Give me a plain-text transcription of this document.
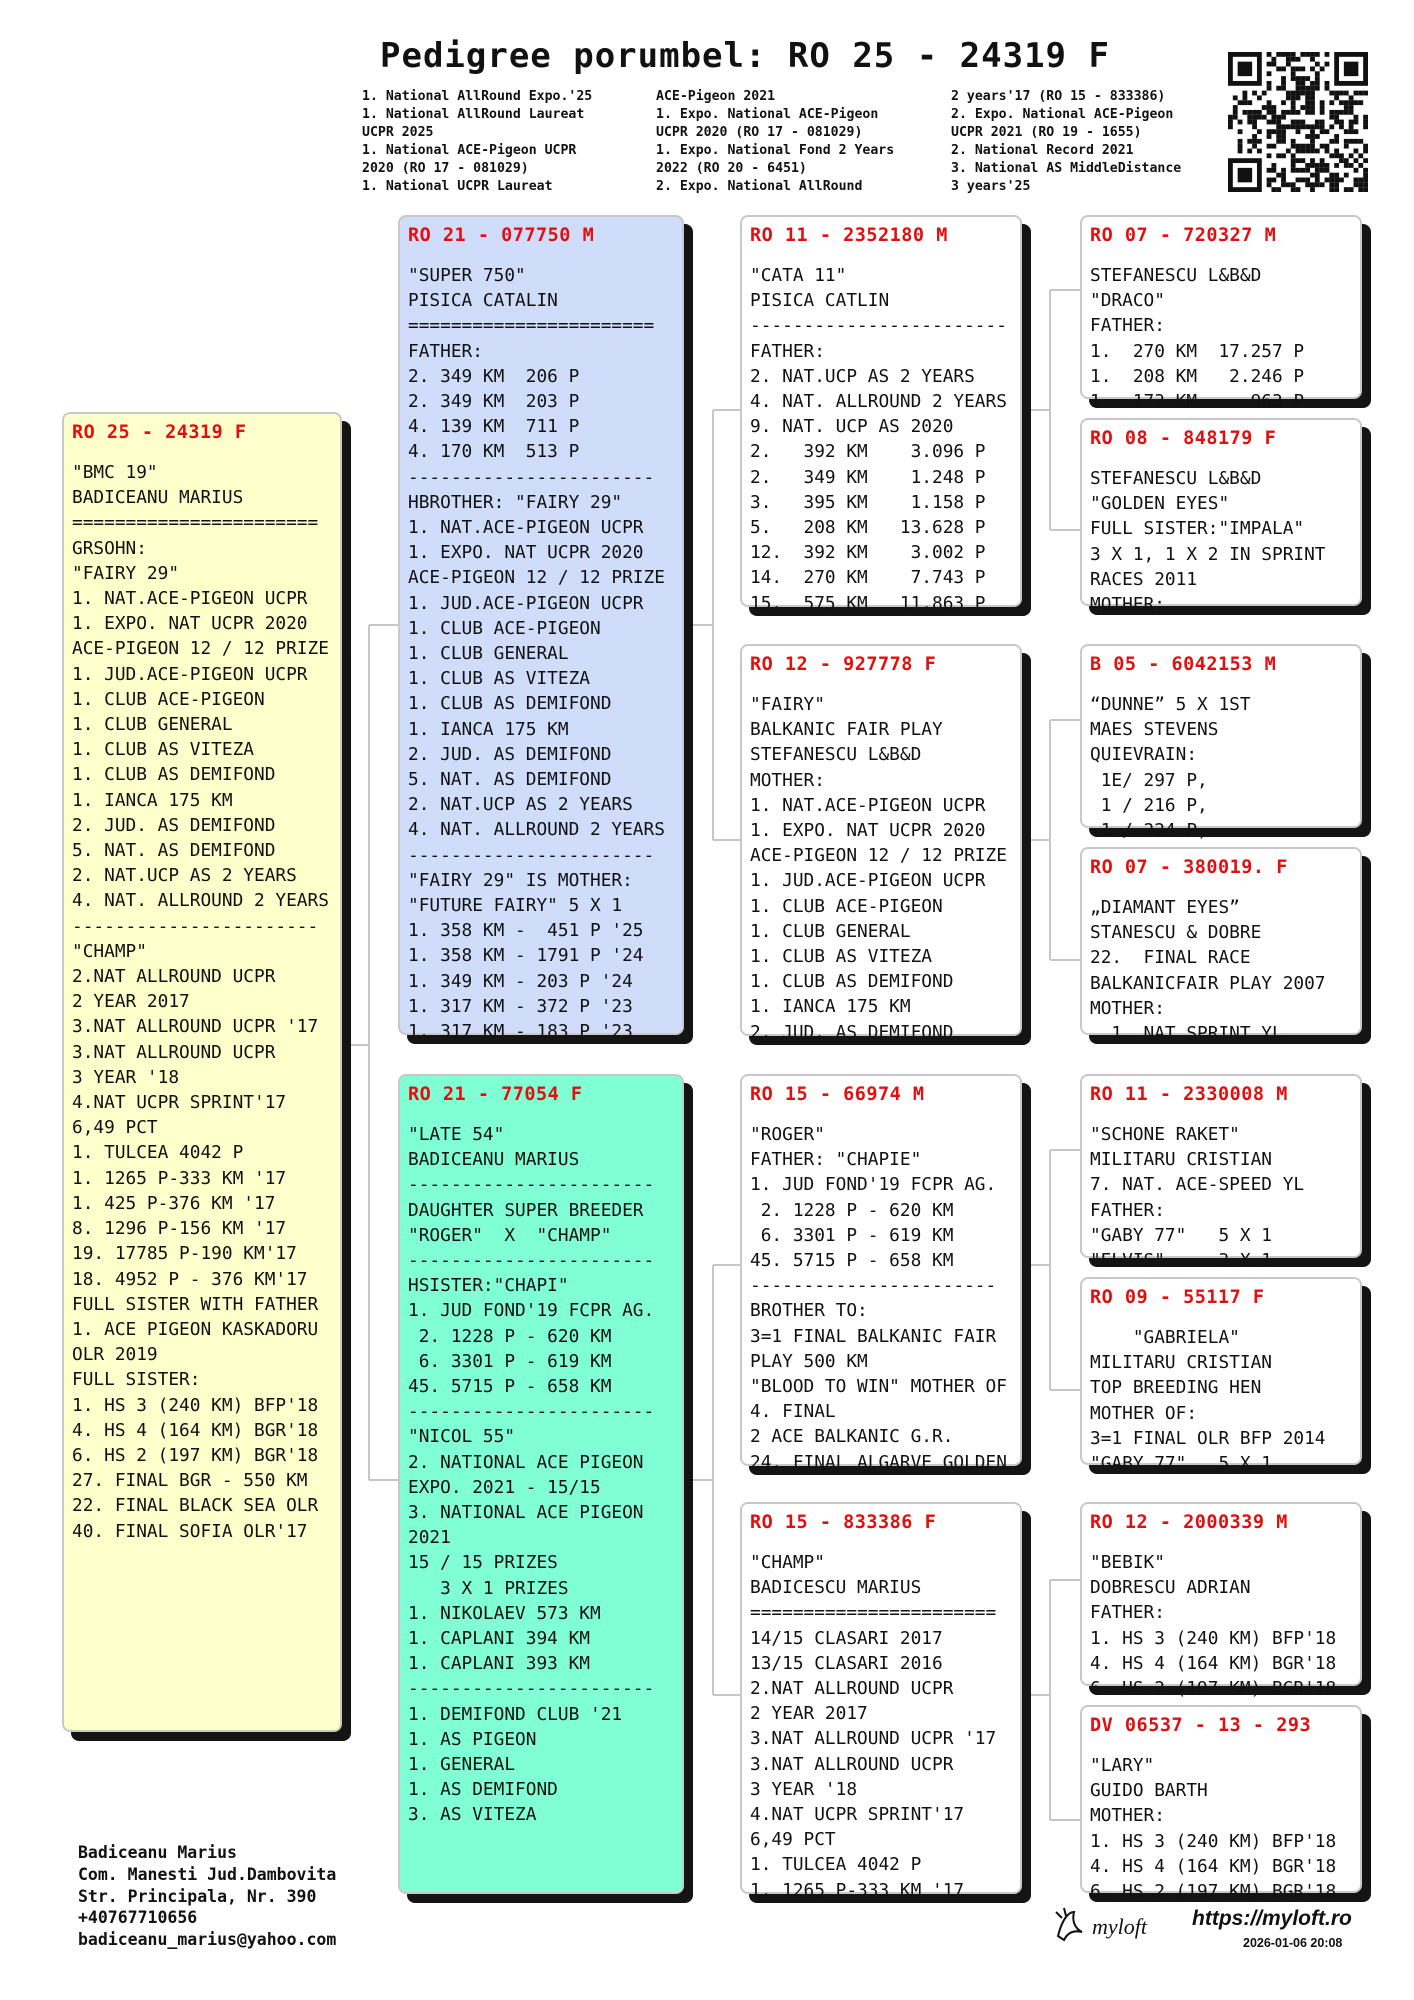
Pedigree porumbel: RO 25 - 24319 F
1. National AllRound Expo.'25
1. National AllRound Laureat
UCPR 2025
1. National ACE-Pigeon UCPR
2020 (RO 17 - 081029)
1. National UCPR Laureat
ACE-Pigeon 2021
1. Expo. National ACE-Pigeon
UCPR 2020 (RO 17 - 081029)
1. Expo. National Fond 2 Years
2022 (RO 20 - 6451)
2. Expo. National AllRound
2 years'17 (RO 15 - 833386)
2. Expo. National ACE-Pigeon
UCPR 2021 (RO 19 - 1655)
2. National Record 2021
3. National AS MiddleDistance
3 years'25
RO 25 - 24319 F
"BMC 19"
BADICEANU MARIUS
=======================
GRSOHN:
"FAIRY 29"
1. NAT.ACE-PIGEON UCPR
1. EXPO. NAT UCPR 2020
ACE-PIGEON 12 / 12 PRIZE
1. JUD.ACE-PIGEON UCPR
1. CLUB ACE-PIGEON
1. CLUB GENERAL
1. CLUB AS VITEZA
1. CLUB AS DEMIFOND
1. IANCA 175 KM
2. JUD. AS DEMIFOND
5. NAT. AS DEMIFOND
2. NAT.UCP AS 2 YEARS
4. NAT. ALLROUND 2 YEARS
-----------------------
"CHAMP"
2.NAT ALLROUND UCPR
2 YEAR 2017
3.NAT ALLROUND UCPR '17
3.NAT ALLROUND UCPR
3 YEAR '18
4.NAT UCPR SPRINT'17
6,49 PCT
1. TULCEA 4042 P
1. 1265 P-333 KM '17
1. 425 P-376 KM '17
8. 1296 P-156 KM '17
19. 17785 P-190 KM'17
18. 4952 P - 376 KM'17
FULL SISTER WITH FATHER
1. ACE PIGEON KASKADORU
OLR 2019
FULL SISTER:
1. HS 3 (240 KM) BFP'18
4. HS 4 (164 KM) BGR'18
6. HS 2 (197 KM) BGR'18
27. FINAL BGR - 550 KM
22. FINAL BLACK SEA OLR
40. FINAL SOFIA OLR'17
RO 21 - 077750 M
"SUPER 750"
PISICA CATALIN
=======================
FATHER:
2. 349 KM  206 P
2. 349 KM  203 P
4. 139 KM  711 P
4. 170 KM  513 P
-----------------------
HBROTHER: "FAIRY 29"
1. NAT.ACE-PIGEON UCPR
1. EXPO. NAT UCPR 2020
ACE-PIGEON 12 / 12 PRIZE
1. JUD.ACE-PIGEON UCPR
1. CLUB ACE-PIGEON
1. CLUB GENERAL
1. CLUB AS VITEZA
1. CLUB AS DEMIFOND
1. IANCA 175 KM
2. JUD. AS DEMIFOND
5. NAT. AS DEMIFOND
2. NAT.UCP AS 2 YEARS
4. NAT. ALLROUND 2 YEARS
-----------------------
"FAIRY 29" IS MOTHER:
"FUTURE FAIRY" 5 X 1
1. 358 KM -  451 P '25
1. 358 KM - 1791 P '24
1. 349 KM - 203 P '24
1. 317 KM - 372 P '23
1. 317 KM - 183 P '23
RO 21 - 77054 F
"LATE 54"
BADICEANU MARIUS
-----------------------
DAUGHTER SUPER BREEDER
"ROGER"  X  "CHAMP"
-----------------------
HSISTER:"CHAPI"
1. JUD FOND'19 FCPR AG.
2. 1228 P - 620 KM
6. 3301 P - 619 KM
45. 5715 P - 658 KM
-----------------------
"NICOL 55"
2. NATIONAL ACE PIGEON
EXPO. 2021 - 15/15
3. NATIONAL ACE PIGEON
2021
15 / 15 PRIZES
3 X 1 PRIZES
1. NIKOLAEV 573 KM
1. CAPLANI 394 KM
1. CAPLANI 393 KM
-----------------------
1. DEMIFOND CLUB '21
1. AS PIGEON
1. GENERAL
1. AS DEMIFOND
3. AS VITEZA
RO 11 - 2352180 M
"CATA 11"
PISICA CATLIN
------------------------
FATHER:
2. NAT.UCP AS 2 YEARS
4. NAT. ALLROUND 2 YEARS
9. NAT. UCP AS 2020
2.   392 KM    3.096 P
2.   349 KM    1.248 P
3.   395 KM    1.158 P
5.   208 KM   13.628 P
12.  392 KM    3.002 P
14.  270 KM    7.743 P
15.  575 KM   11.863 P
RO 12 - 927778 F
"FAIRY"
BALKANIC FAIR PLAY
STEFANESCU L&B&D
MOTHER:
1. NAT.ACE-PIGEON UCPR
1. EXPO. NAT UCPR 2020
ACE-PIGEON 12 / 12 PRIZE
1. JUD.ACE-PIGEON UCPR
1. CLUB ACE-PIGEON
1. CLUB GENERAL
1. CLUB AS VITEZA
1. CLUB AS DEMIFOND
1. IANCA 175 KM
2. JUD. AS DEMIFOND
RO 15 - 66974 M
"ROGER"
FATHER: "CHAPIE"
1. JUD FOND'19 FCPR AG.
2. 1228 P - 620 KM
6. 3301 P - 619 KM
45. 5715 P - 658 KM
-----------------------
BROTHER TO:
3=1 FINAL BALKANIC FAIR
PLAY 500 KM
"BLOOD TO WIN" MOTHER OF
4. FINAL
2 ACE BALKANIC G.R.
24. FINAL ALGARVE GOLDEN
RO 15 - 833386 F
"CHAMP"
BADICESCU MARIUS
=======================
14/15 CLASARI 2017
13/15 CLASARI 2016
2.NAT ALLROUND UCPR
2 YEAR 2017
3.NAT ALLROUND UCPR '17
3.NAT ALLROUND UCPR
3 YEAR '18
4.NAT UCPR SPRINT'17
6,49 PCT
1. TULCEA 4042 P
1. 1265 P-333 KM '17
RO 07 - 720327 M
STEFANESCU L&B&D
"DRACO"
FATHER:
1.  270 KM  17.257 P
1.  208 KM   2.246 P
1.  173 KM     963 P
RO 08 - 848179 F
STEFANESCU L&B&D
"GOLDEN EYES"
FULL SISTER:"IMPALA"
3 X 1, 1 X 2 IN SPRINT
RACES 2011
MOTHER:
B 05 - 6042153 M
“DUNNE” 5 X 1ST
MAES STEVENS
QUIEVRAIN:
1E/ 297 P,
1 / 216 P,
1 / 224 P,
RO 07 - 380019. F
„DIAMANT EYES”
STANESCU & DOBRE
22.  FINAL RACE
BALKANICFAIR PLAY 2007
MOTHER:
1. NAT SPRINT YL
RO 11 - 2330008 M
"SCHONE RAKET"
MILITARU CRISTIAN
7. NAT. ACE-SPEED YL
FATHER:
"GABY 77"   5 X 1
"ELVIS"     3 X 1
RO 09 - 55117 F
"GABRIELA"
MILITARU CRISTIAN
TOP BREEDING HEN
MOTHER OF:
3=1 FINAL OLR BFP 2014
"GABY 77"   5 X 1
RO 12 - 2000339 M
"BEBIK"
DOBRESCU ADRIAN
FATHER:
1. HS 3 (240 KM) BFP'18
4. HS 4 (164 KM) BGR'18
6. HS 2 (197 KM) BGR'18
DV 06537 - 13 - 293
"LARY"
GUIDO BARTH
MOTHER:
1. HS 3 (240 KM) BFP'18
4. HS 4 (164 KM) BGR'18
6. HS 2 (197 KM) BGR'18
Badiceanu Marius
Com. Manesti Jud.Dambovita
Str. Principala, Nr. 390
+40767710656
badiceanu_marius@yahoo.com
myloft https://myloft.ro
2026-01-06 20:08
